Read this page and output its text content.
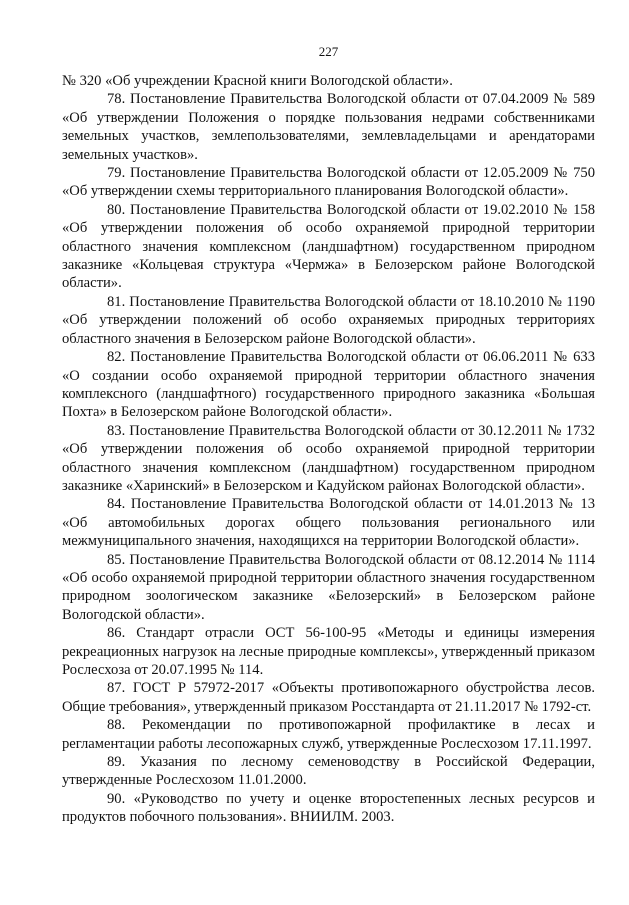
227

№ 320 «Об учреждении Красной книги Вологодской области».

78. Постановление Правительства Вологодской области от 07.04.2009 № 589 «Об утверждении Положения о порядке пользования недрами собственниками земельных участков, землепользователями, землевладельцами и арендаторами земельных участков».

79. Постановление Правительства Вологодской области от 12.05.2009 № 750 «Об утверждении схемы территориального планирования Вологодской области».

80. Постановление Правительства Вологодской области от 19.02.2010 № 158 «Об утверждении положения об особо охраняемой природной территории областного значения комплексном (ландшафтном) государственном природном заказнике «Кольцевая структура «Чермжа» в Белозерском районе Вологодской области».

81. Постановление Правительства Вологодской области от 18.10.2010 № 1190 «Об утверждении положений об особо охраняемых природных территориях областного значения в Белозерском районе Вологодской области».

82. Постановление Правительства Вологодской области от 06.06.2011 № 633 «О создании особо охраняемой природной территории областного значения комплексного (ландшафтного) государственного природного заказника «Большая Похта» в Белозерском районе Вологодской области».

83. Постановление Правительства Вологодской области от 30.12.2011 № 1732 «Об утверждении положения об особо охраняемой природной территории областного значения комплексном (ландшафтном) государственном природном заказнике «Харинский» в Белозерском и Кадуйском районах Вологодской области».

84. Постановление Правительства Вологодской области от 14.01.2013 № 13 «Об автомобильных дорогах общего пользования регионального или межмуниципального значения, находящихся на территории Вологодской области».

85. Постановление Правительства Вологодской области от 08.12.2014 № 1114 «Об особо охраняемой природной территории областного значения государственном природном зоологическом заказнике «Белозерский» в Белозерском районе Вологодской области».

86. Стандарт отрасли ОСТ 56-100-95 «Методы и единицы измерения рекреационных нагрузок на лесные природные комплексы», утвержденный приказом Рослесхоза от 20.07.1995 № 114.

87. ГОСТ Р 57972-2017 «Объекты противопожарного обустройства лесов. Общие требования», утвержденный приказом Росстандарта от 21.11.2017 № 1792-ст.

88. Рекомендации по противопожарной профилактике в лесах и регламентации работы лесопожарных служб, утвержденные Рослесхозом 17.11.1997.

89. Указания по лесному семеноводству в Российской Федерации, утвержденные Рослесхозом 11.01.2000.

90. «Руководство по учету и оценке второстепенных лесных ресурсов и продуктов побочного пользования». ВНИИЛМ. 2003.
